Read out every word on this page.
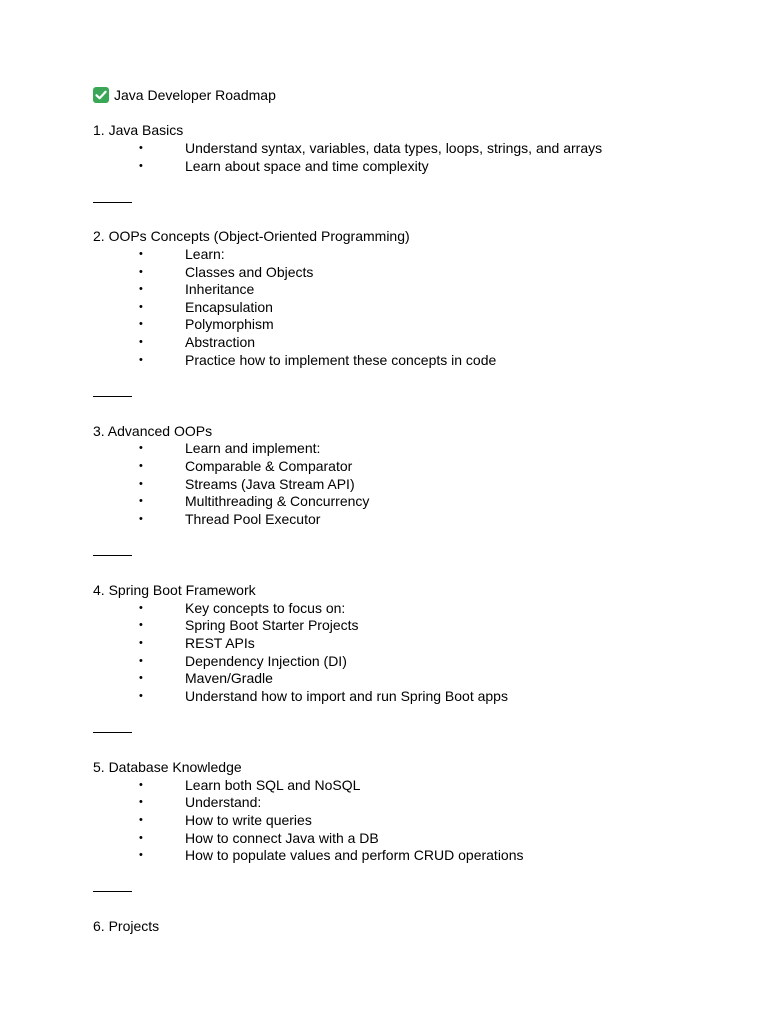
Java Developer Roadmap
1. Java Basics
•	Understand syntax, variables, data types, loops, strings, and arrays
•	Learn about space and time complexity
2. OOPs Concepts (Object-Oriented Programming)
•	Learn:
•	Classes and Objects
•	Inheritance
•	Encapsulation
•	Polymorphism
•	Abstraction
•	Practice how to implement these concepts in code
3. Advanced OOPs
•	Learn and implement:
•	Comparable & Comparator
•	Streams (Java Stream API)
•	Multithreading & Concurrency
•	Thread Pool Executor
4. Spring Boot Framework
•	Key concepts to focus on:
•	Spring Boot Starter Projects
•	REST APIs
•	Dependency Injection (DI)
•	Maven/Gradle
•	Understand how to import and run Spring Boot apps
5. Database Knowledge
•	Learn both SQL and NoSQL
•	Understand:
•	How to write queries
•	How to connect Java with a DB
•	How to populate values and perform CRUD operations
6. Projects
